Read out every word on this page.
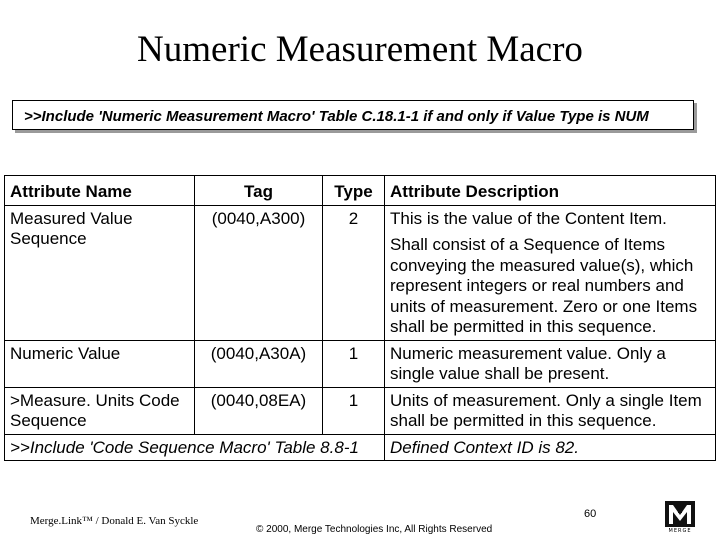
Numeric Measurement Macro
>>Include 'Numeric Measurement Macro' Table C.18.1-1 if and only if Value Type is NUM
Attribute Name	Tag	Type	Attribute Description
Measured Value Sequence	(0040,A300)	2	This is the value of the Content Item.
Shall consist of a Sequence of Items conveying the measured value(s), which represent integers or real numbers and units of measurement. Zero or one Items shall be permitted in this sequence.

Numeric Value	(0040,A30A)	1	Numeric measurement value. Only a single value shall be present.

>Measure. Units Code Sequence	(0040,08EA)	1	Units of measurement. Only a single Item shall be permitted in this sequence.

>>Include 'Code Sequence Macro' Table 8.8-1			Defined Context ID is 82.
Merge.Link™ / Donald E. Van Syckle
© 2000, Merge Technologies Inc, All Rights Reserved
60
MERGE
